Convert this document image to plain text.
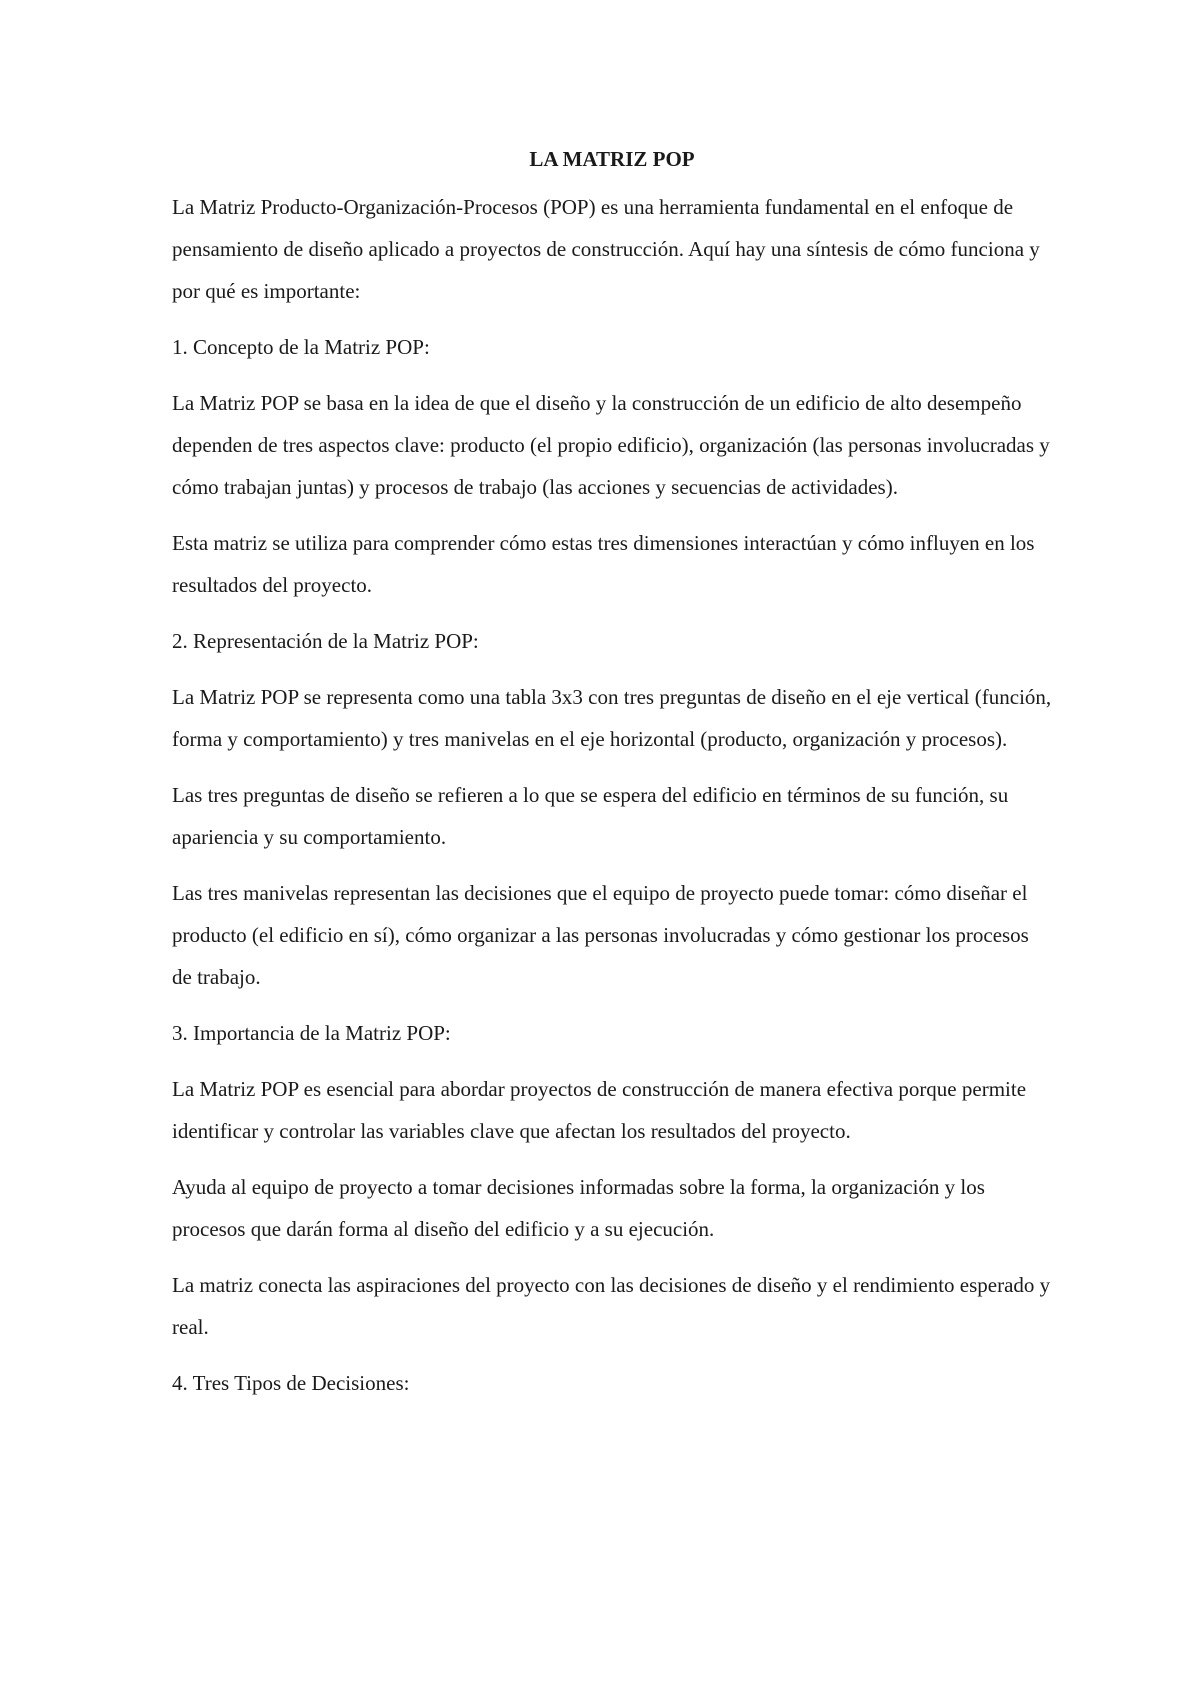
LA MATRIZ POP

La Matriz Producto-Organización-Procesos (POP) es una herramienta fundamental en el enfoque de pensamiento de diseño aplicado a proyectos de construcción. Aquí hay una síntesis de cómo funciona y por qué es importante:

1. Concepto de la Matriz POP:

La Matriz POP se basa en la idea de que el diseño y la construcción de un edificio de alto desempeño dependen de tres aspectos clave: producto (el propio edificio), organización (las personas involucradas y cómo trabajan juntas) y procesos de trabajo (las acciones y secuencias de actividades).

Esta matriz se utiliza para comprender cómo estas tres dimensiones interactúan y cómo influyen en los resultados del proyecto.

2. Representación de la Matriz POP:

La Matriz POP se representa como una tabla 3x3 con tres preguntas de diseño en el eje vertical (función, forma y comportamiento) y tres manivelas en el eje horizontal (producto, organización y procesos).

Las tres preguntas de diseño se refieren a lo que se espera del edificio en términos de su función, su apariencia y su comportamiento.

Las tres manivelas representan las decisiones que el equipo de proyecto puede tomar: cómo diseñar el producto (el edificio en sí), cómo organizar a las personas involucradas y cómo gestionar los procesos de trabajo.

3. Importancia de la Matriz POP:

La Matriz POP es esencial para abordar proyectos de construcción de manera efectiva porque permite identificar y controlar las variables clave que afectan los resultados del proyecto.

Ayuda al equipo de proyecto a tomar decisiones informadas sobre la forma, la organización y los procesos que darán forma al diseño del edificio y a su ejecución.

La matriz conecta las aspiraciones del proyecto con las decisiones de diseño y el rendimiento esperado y real.

4. Tres Tipos de Decisiones:
